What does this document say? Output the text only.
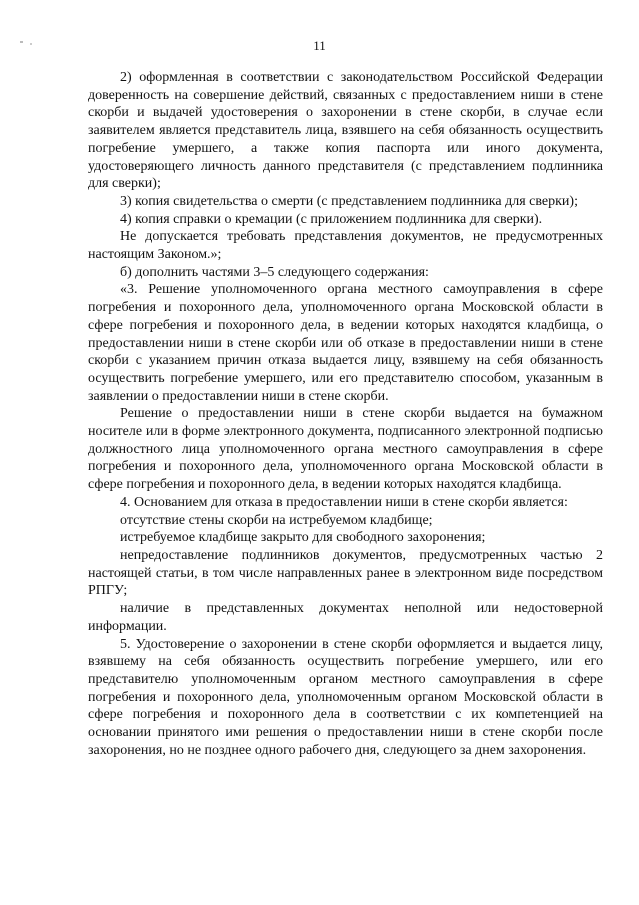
11

2) оформленная в соответствии с законодательством Российской Федерации доверенность на совершение действий, связанных с предоставлением ниши в стене скорби и выдачей удостоверения о захоронении в стене скорби, в случае если заявителем является представитель лица, взявшего на себя обязанность осуществить погребение умершего, а также копия паспорта или иного документа, удостоверяющего личность данного представителя (с представлением подлинника для сверки);

3) копия свидетельства о смерти (с представлением подлинника для сверки);

4) копия справки о кремации (с приложением подлинника для сверки).

Не допускается требовать представления документов, не предусмотренных настоящим Законом.»;

б) дополнить частями 3–5 следующего содержания:

«3. Решение уполномоченного органа местного самоуправления в сфере погребения и похоронного дела, уполномоченного органа Московской области в сфере погребения и похоронного дела, в ведении которых находятся кладбища, о предоставлении ниши в стене скорби или об отказе в предоставлении ниши в стене скорби с указанием причин отказа выдается лицу, взявшему на себя обязанность осуществить погребение умершего, или его представителю способом, указанным в заявлении о предоставлении ниши в стене скорби.

Решение о предоставлении ниши в стене скорби выдается на бумажном носителе или в форме электронного документа, подписанного электронной подписью должностного лица уполномоченного органа местного самоуправления в сфере погребения и похоронного дела, уполномоченного органа Московской области в сфере погребения и похоронного дела, в ведении которых находятся кладбища.

4. Основанием для отказа в предоставлении ниши в стене скорби является:

отсутствие стены скорби на истребуемом кладбище;

истребуемое кладбище закрыто для свободного захоронения;

непредоставление подлинников документов, предусмотренных частью 2 настоящей статьи, в том числе направленных ранее в электронном виде посредством РПГУ;

наличие в представленных документах неполной или недостоверной информации.

5. Удостоверение о захоронении в стене скорби оформляется и выдается лицу, взявшему на себя обязанность осуществить погребение умершего, или его представителю уполномоченным органом местного самоуправления в сфере погребения и похоронного дела, уполномоченным органом Московской области в сфере погребения и похоронного дела в соответствии с их компетенцией на основании принятого ими решения о предоставлении ниши в стене скорби после захоронения, но не позднее одного рабочего дня, следующего за днем захоронения.
